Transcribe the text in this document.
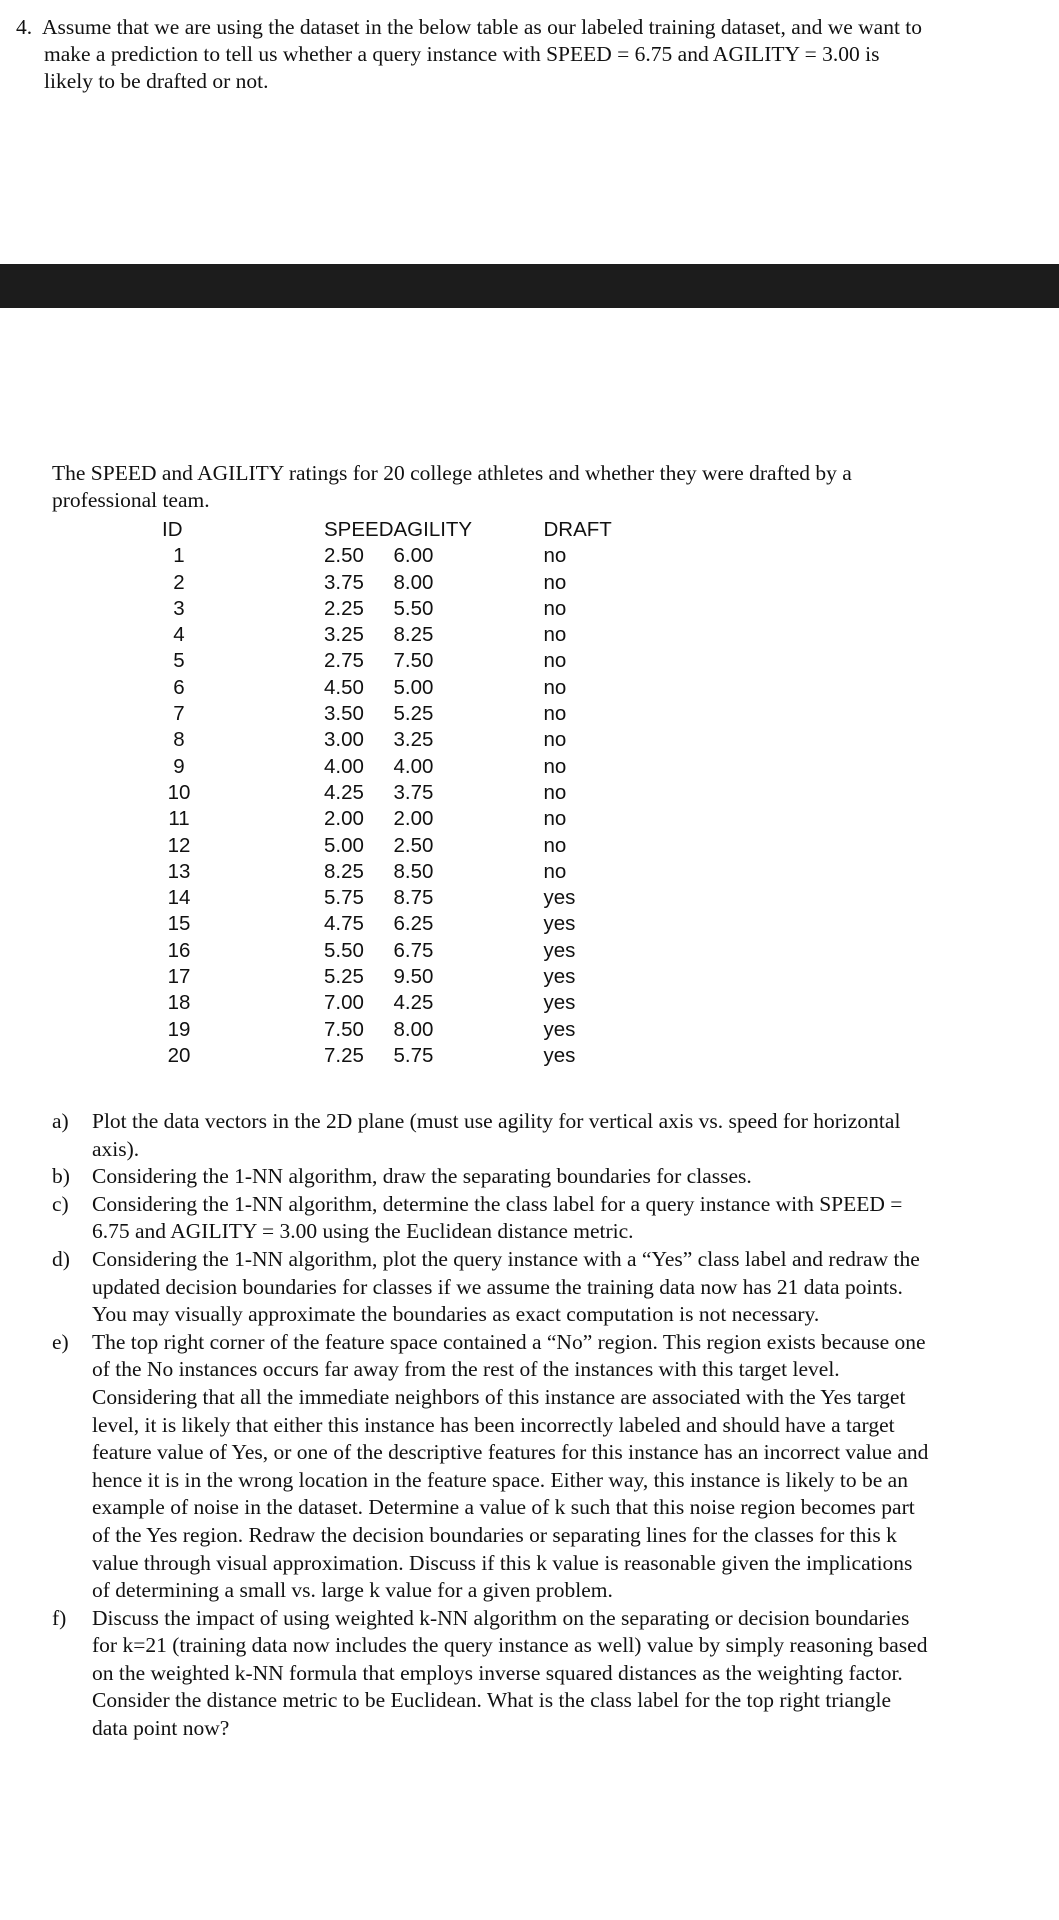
4. Assume that we are using the dataset in the below table as our labeled training dataset, and we want to
make a prediction to tell us whether a query instance with SPEED = 6.75 and AGILITY = 3.00 is
likely to be drafted or not.
The SPEED and AGILITY ratings for 20 college athletes and whether they were drafted by a
professional team.
ID	SPEED	AGILITY	DRAFT
1	2.50	6.00	no
2	3.75	8.00	no
3	2.25	5.50	no
4	3.25	8.25	no
5	2.75	7.50	no
6	4.50	5.00	no
7	3.50	5.25	no
8	3.00	3.25	no
9	4.00	4.00	no
10	4.25	3.75	no
11	2.00	2.00	no
12	5.00	2.50	no
13	8.25	8.50	no
14	5.75	8.75	yes
15	4.75	6.25	yes
16	5.50	6.75	yes
17	5.25	9.50	yes
18	7.00	4.25	yes
19	7.50	8.00	yes
20	7.25	5.75	yes
a) Plot the data vectors in the 2D plane (must use agility for vertical axis vs. speed for horizontal
axis).
b) Considering the 1-NN algorithm, draw the separating boundaries for classes.
c) Considering the 1-NN algorithm, determine the class label for a query instance with SPEED =
6.75 and AGILITY = 3.00 using the Euclidean distance metric.
d) Considering the 1-NN algorithm, plot the query instance with a “Yes” class label and redraw the
updated decision boundaries for classes if we assume the training data now has 21 data points.
You may visually approximate the boundaries as exact computation is not necessary.
e) The top right corner of the feature space contained a “No” region. This region exists because one
of the No instances occurs far away from the rest of the instances with this target level.
Considering that all the immediate neighbors of this instance are associated with the Yes target
level, it is likely that either this instance has been incorrectly labeled and should have a target
feature value of Yes, or one of the descriptive features for this instance has an incorrect value and
hence it is in the wrong location in the feature space. Either way, this instance is likely to be an
example of noise in the dataset. Determine a value of k such that this noise region becomes part
of the Yes region. Redraw the decision boundaries or separating lines for the classes for this k
value through visual approximation. Discuss if this k value is reasonable given the implications
of determining a small vs. large k value for a given problem.
f) Discuss the impact of using weighted k-NN algorithm on the separating or decision boundaries
for k=21 (training data now includes the query instance as well) value by simply reasoning based
on the weighted k-NN formula that employs inverse squared distances as the weighting factor.
Consider the distance metric to be Euclidean. What is the class label for the top right triangle
data point now?
